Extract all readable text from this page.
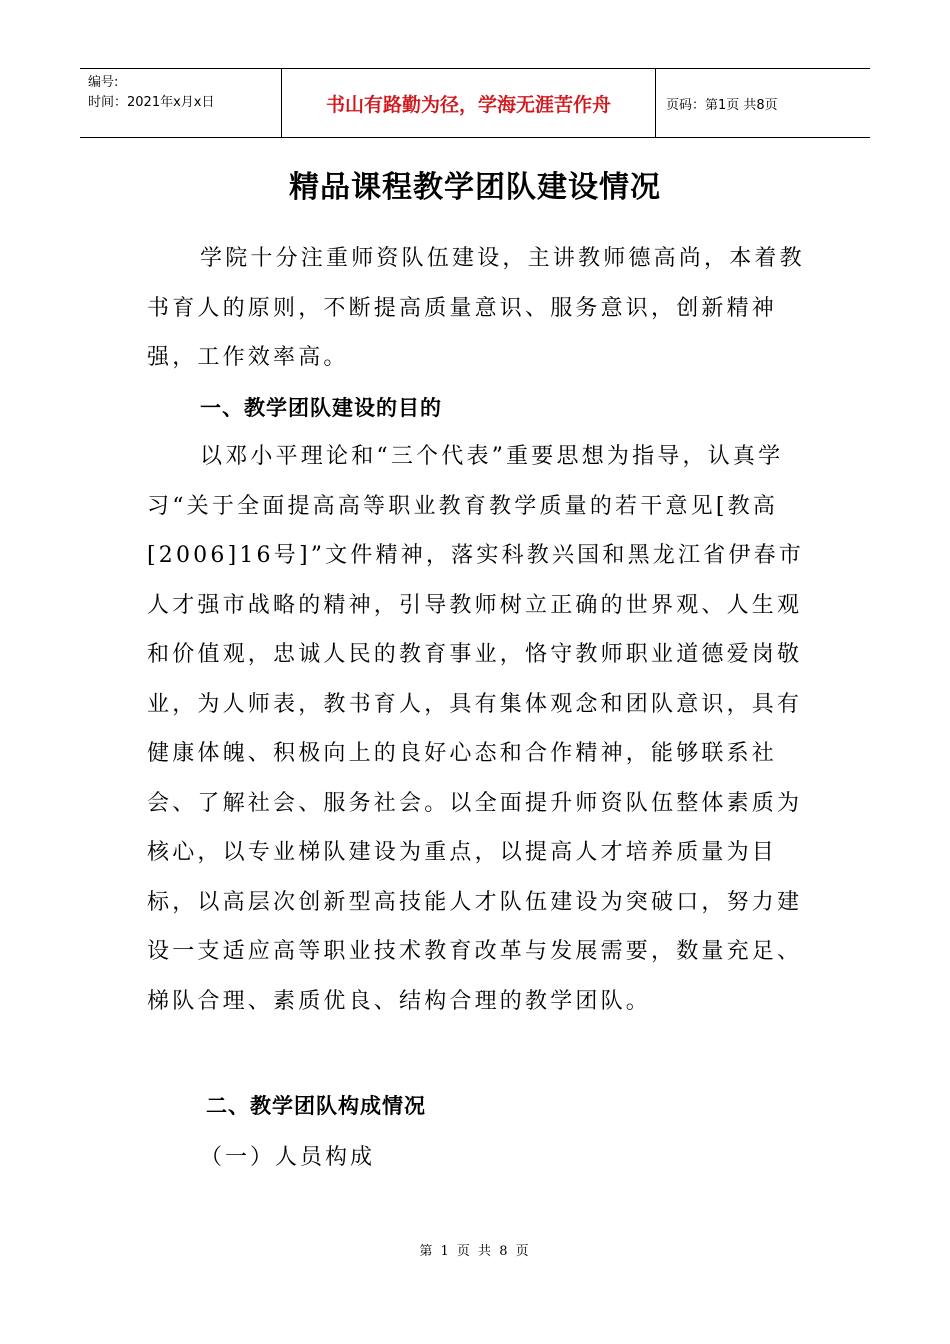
编号:
时间：2021年x月x日	书山有路勤为径，学海无涯苦作舟	页码：第1页 共8页
精品课程教学团队建设情况
学院十分注重师资队伍建设，主讲教师德高尚，本着教书育人的原则，不断提高质量意识、服务意识，创新精神强，工作效率高。
一、教学团队建设的目的
以邓小平理论和“三个代表”重要思想为指导，认真学习“关于全面提高高等职业教育教学质量的若干意见[教高[2006]16号]”文件精神，落实科教兴国和黑龙江省伊春市人才强市战略的精神，引导教师树立正确的世界观、人生观和价值观，忠诚人民的教育事业，恪守教师职业道德爱岗敬业，为人师表，教书育人，具有集体观念和团队意识，具有健康体魄、积极向上的良好心态和合作精神，能够联系社会、了解社会、服务社会。以全面提升师资队伍整体素质为核心，以专业梯队建设为重点，以提高人才培养质量为目标，以高层次创新型高技能人才队伍建设为突破口，努力建设一支适应高等职业技术教育改革与发展需要，数量充足、梯队合理、素质优良、结构合理的教学团队。
二、教学团队构成情况
（一）人员构成
第 1 页 共 8 页
